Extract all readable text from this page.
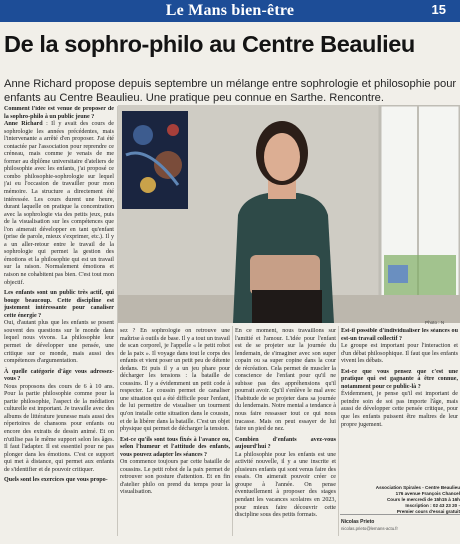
Le Mans bien-être	15
De la sophro-philo au Centre Beaulieu
Anne Richard propose depuis septembre un mélange entre sophrologie et philosophie pour enfants au Centre Beaulieu. Une pratique peu connue en Sarthe. Rencontre.
Photo : N

Comment l'idée est venue de proposer de la sophro-philo à un public jeune ?

Anne Richard : Il y avait des cours de sophrologie les années précédentes, mais l'intervenante a arrêté d'en proposer. J'ai été contactée par l'association pour reprendre ce créneau, mais comme je venais de me former au diplôme universitaire d'ateliers de philosophie avec les enfants, j'ai proposé ce combo philosophie-sophrologie sur lequel j'ai eu l'occasion de travailler pour mon mémoire. La structure a directement été intéressée. Les cours durent une heure, durant laquelle on pratique la concentration avec la sophrologie via des petits jeux, puis de la visualisation sur les compétences que l'on aimerait développer en tant qu'enfant (prise de parole, mieux s'exprimer, etc.). Il y a un aller-retour entre le travail de la sophrologie qui permet la gestion des émotions et la philosophie qui est un travail sur la raison. Normalement émotions et raison ne cohabitent pas bien. C'est tout mon objectif.

Les enfants sont un public très actif, qui bouge beaucoup. Cette discipline est justement intéressante pour canaliser cette énergie ?

Oui, d'autant plus que les enfants se posent souvent des questions sur le monde dans lequel nous vivons. La philosophie leur permet de développer une pensée, une critique sur ce monde, mais aussi des compétences d'argumentation.

À quelle catégorie d'âge vous adressez-vous ?

Nous proposons des cours de 6 à 10 ans. Pour la partie philosophie comme pour la partie philosophie, l'aspect de la médiation culturelle est important. Je travaille avec des albums de littérature jeunesse mais aussi des répertoires de chansons pour enfants ou encore des extraits de dessin animé. Et on n'utilise pas le même support selon les âges. Il faut l'adapter. Il est essentiel pour ne pas plonger dans les émotions. C'est ce support qui met à distance, qui permet aux enfants de s'identifier et de pouvoir critiquer.

Quels sont les exercices que vous propo-

sez ? En sophrologie on retrouve une maîtrise à outils de base. Il y a tout un travail de scan corporel, je l'appelle « le petit robot de la paix ». Il voyage dans tout le corps des enfants et vient poser un petit peu de détente dedans. Et puis il y a un jeu phare pour décharger les tensions : la bataille de coussins. Il y a évidemment un petit code à respecter. Le coussin permet de canaliser une situation qui a été difficile pour l'enfant, de lui permettre de visualiser un tourment qu'on installe cette situation dans le coussin, et de la libérer dans la bataille. C'est un objet physique qui permet de décharger la tension.

Est-ce qu'ils sont tous fixés à l'avance ou, selon l'humeur et l'attitude des enfants, vous pouvez adapter les séances ?

On commence toujours par cette bataille de coussins. Le petit robot de la paix permet de retrouver son posture d'attention. Et en fin d'atelier philo on prend du temps pour la visualisation.

En ce moment, nous travaillons sur l'amitié et l'amour. L'idée pour l'enfant est de se projeter sur la journée du lendemain, de s'imaginer avec son super copain ou sa super copine dans la cour de récréation. Cela permet de muscler la conscience de l'enfant pour qu'il ne subisse pas des appréhensions qu'il pourrait avoir. Qu'il s'enlève le mal avec l'habitude de se projeter dans sa journée du lendemain. Notre mental a tendance à nous faire ressasser tout ce qui nous tracasse. Mais on peut essayer de lui faire un pied de nez.

Combien d'enfants avez-vous aujourd'hui ?

La philosophie pour les enfants est une activité nouvelle, il y a une inscrite et plusieurs enfants qui sont venus faire des essais. On aimerait pouvoir créer ce groupe à l'année. On pense éventuellement à proposer des stages pendant les vacances scolaires en 2023, pour mieux faire découvrir cette discipline sous des petits formats.

Est-il possible d'individualiser les séances ou est-un travail collectif ?

Le groupe est important pour l'interaction et d'un débat philosophique. Il faut que les enfants vivent les débats.

Est-ce que vous pensez que c'est une pratique qui est gagnante à être connue, notamment pour ce public-là ?

Évidemment, je pense qu'il est important de peindre soin de soi pas importe l'âge, mais aussi de développer cette pensée critique, pour que les enfants puissent être maîtres de leur propre jugement.

Association Spirales - Centre Beaulieu
176 avenue François Chancel
Cours le mercredi de 15h15 à 16h
Inscription : 02 43 23 20 -
Premier cours d'essai gratuit
Nicolas Prieto
nicolas.prieto@lemans-actu.fr
